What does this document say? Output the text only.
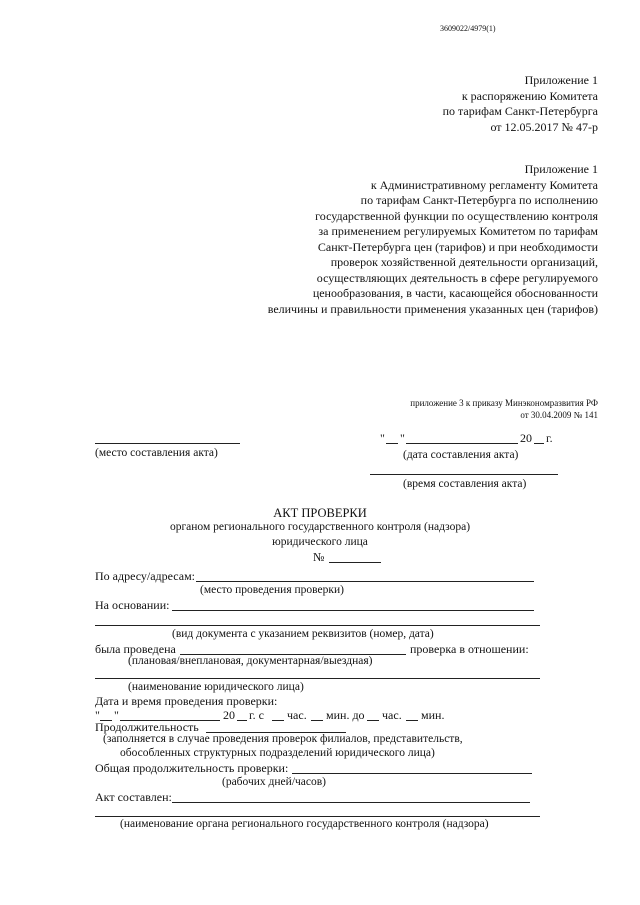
3609022/4979(1)
Приложение 1
к распоряжению Комитета
по тарифам Санкт-Петербурга
от 12.05.2017 № 47-р
Приложение 1
к Административному регламенту Комитета
по тарифам Санкт-Петербурга по исполнению
государственной функции по осуществлению контроля
за применением регулируемых Комитетом по тарифам
Санкт-Петербурга цен (тарифов) и при необходимости
проверок хозяйственной деятельности организаций,
осуществляющих деятельность в сфере регулируемого
ценообразования, в части, касающейся обоснованности
величины и правильности применения указанных цен (тарифов)
приложение 3 к приказу Минэкономразвития РФ
от 30.04.2009 № 141
(место составления акта)
" "	20 г.
(дата составления акта)
(время составления акта)
АКТ ПРОВЕРКИ
органом регионального государственного контроля (надзора)
юридического лица
№
По адресу/адресам:
(место проведения проверки)
На основании:
(вид документа с указанием реквизитов (номер, дата)
была проведена	проверка в отношении:
(плановая/внеплановая, документарная/выездная)
(наименование юридического лица)
Дата и время проведения проверки:
" "	20 г. с час. мин. до час. мин.
Продолжительность
(заполняется в случае проведения проверок филиалов, представительств,
обособленных структурных подразделений юридического лица)
Общая продолжительность проверки:
(рабочих дней/часов)
Акт составлен:
(наименование органа регионального государственного контроля (надзора)
